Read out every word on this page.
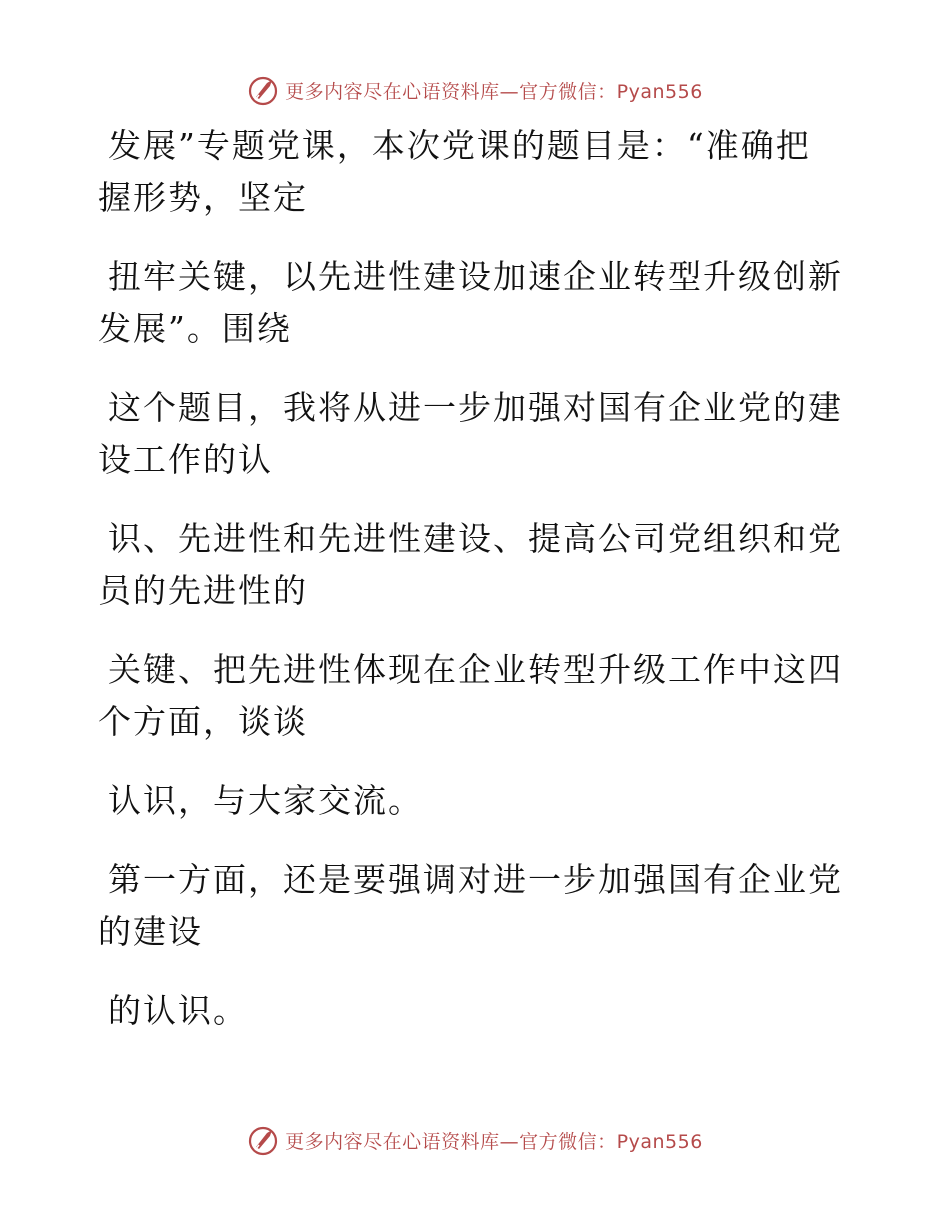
更多内容尽在心语资料库—官方微信：Pyan556

发展”专题党课，本次党课的题目是：“准确把
握形势，坚定

扭牢关键，以先进性建设加速企业转型升级创新
发展”。围绕

这个题目，我将从进一步加强对国有企业党的建
设工作的认

识、先进性和先进性建设、提高公司党组织和党
员的先进性的

关键、把先进性体现在企业转型升级工作中这四
个方面，谈谈

认识，与大家交流。

第一方面，还是要强调对进一步加强国有企业党
的建设

的认识。

更多内容尽在心语资料库—官方微信：Pyan556
